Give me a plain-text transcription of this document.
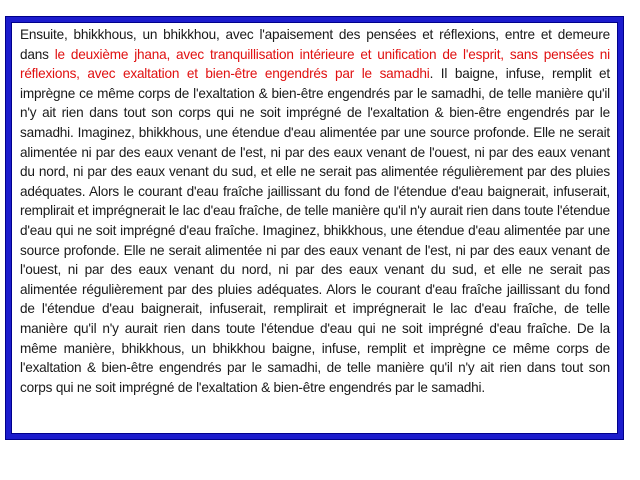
Ensuite, bhikkhous, un bhikkhou, avec l'apaisement des pensées et réflexions, entre et demeure dans le deuxième jhana, avec tranquillisation intérieure et unification de l'esprit, sans pensées ni réflexions, avec exaltation et bien-être engendrés par le samadhi. Il baigne, infuse, remplit et imprègne ce même corps de l'exaltation & bien-être engendrés par le samadhi, de telle manière qu'il n'y ait rien dans tout son corps qui ne soit imprégné de l'exaltation & bien-être engendrés par le samadhi. Imaginez, bhikkhous, une étendue d'eau alimentée par une source profonde. Elle ne serait alimentée ni par des eaux venant de l'est, ni par des eaux venant de l'ouest, ni par des eaux venant du nord, ni par des eaux venant du sud, et elle ne serait pas alimentée régulièrement par des pluies adéquates. Alors le courant d'eau fraîche jaillissant du fond de l'étendue d'eau baignerait, infuserait, remplirait et imprégnerait le lac d'eau fraîche, de telle manière qu'il n'y aurait rien dans toute l'étendue d'eau qui ne soit imprégné d'eau fraîche. Imaginez, bhikkhous, une étendue d'eau alimentée par une source profonde. Elle ne serait alimentée ni par des eaux venant de l'est, ni par des eaux venant de l'ouest, ni par des eaux venant du nord, ni par des eaux venant du sud, et elle ne serait pas alimentée régulièrement par des pluies adéquates. Alors le courant d'eau fraîche jaillissant du fond de l'étendue d'eau baignerait, infuserait, remplirait et imprégnerait le lac d'eau fraîche, de telle manière qu'il n'y aurait rien dans toute l'étendue d'eau qui ne soit imprégné d'eau fraîche. De la même manière, bhikkhous, un bhikkhou baigne, infuse, remplit et imprègne ce même corps de l'exaltation & bien-être engendrés par le samadhi, de telle manière qu'il n'y ait rien dans tout son corps qui ne soit imprégné de l'exaltation & bien-être engendrés par le samadhi.
